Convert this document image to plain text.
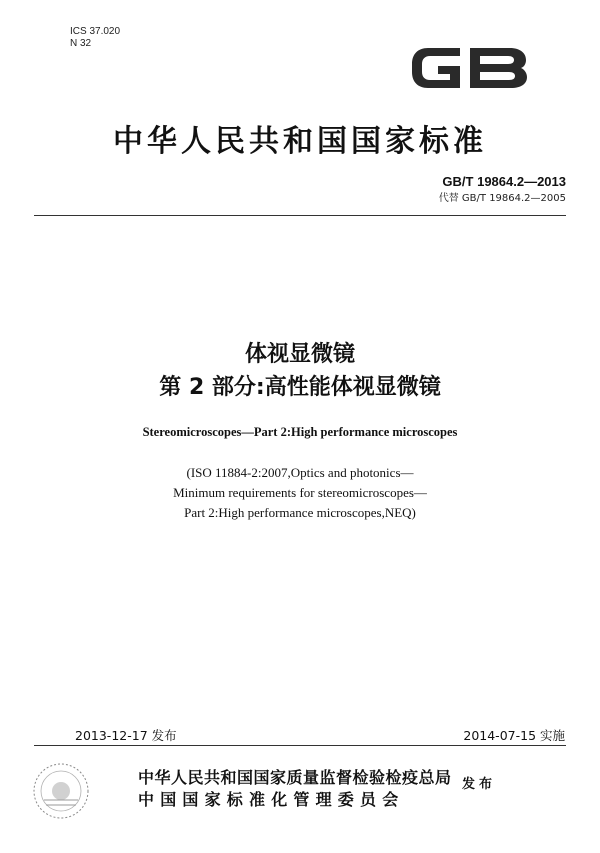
ICS 37.020
N 32
中华人民共和国国家标准
GB/T 19864.2—2013
代替 GB/T 19864.2—2005
体视显微镜
第 2 部分:高性能体视显微镜
Stereomicroscopes—Part 2:High performance microscopes
(ISO 11884-2:2007,Optics and photonics—
Minimum requirements for stereomicroscopes—
Part 2:High performance microscopes,NEQ)
2013-12-17 发布	2014-07-15 实施
中华人民共和国国家质量监督检验检疫总局
中国国家标准化管理委员会
发布
